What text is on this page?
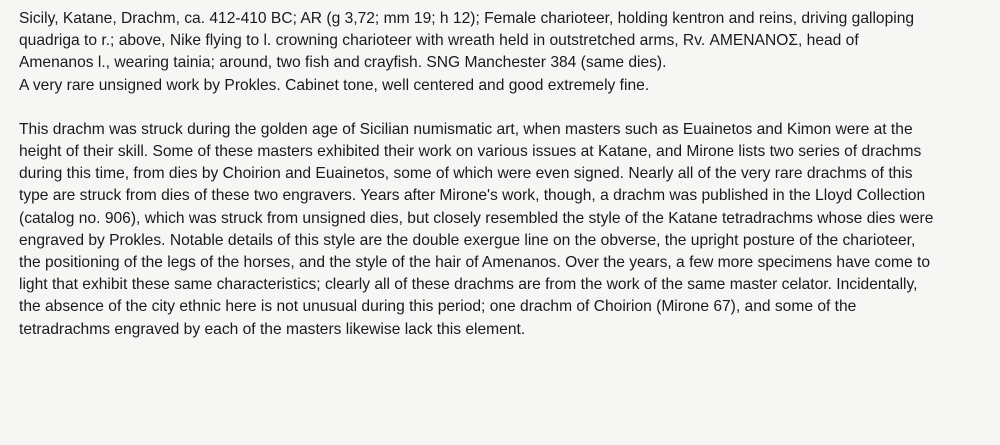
Sicily, Katane, Drachm, ca. 412-410 BC; AR (g 3,72; mm 19; h 12); Female charioteer, holding kentron and reins, driving galloping
quadriga to r.; above, Nike flying to l. crowning charioteer with wreath held in outstretched arms, Rv. ΑΜΕΝΑΝΟΣ, head of
Amenanos l., wearing tainia; around, two fish and crayfish. SNG Manchester 384 (same dies).
A very rare unsigned work by Prokles. Cabinet tone, well centered and good extremely fine.

This drachm was struck during the golden age of Sicilian numismatic art, when masters such as Euainetos and Kimon were at the
height of their skill. Some of these masters exhibited their work on various issues at Katane, and Mirone lists two series of drachms
during this time, from dies by Choirion and Euainetos, some of which were even signed. Nearly all of the very rare drachms of this
type are struck from dies of these two engravers. Years after Mirone's work, though, a drachm was published in the Lloyd Collection
(catalog no. 906), which was struck from unsigned dies, but closely resembled the style of the Katane tetradrachms whose dies were
engraved by Prokles. Notable details of this style are the double exergue line on the obverse, the upright posture of the charioteer,
the positioning of the legs of the horses, and the style of the hair of Amenanos. Over the years, a few more specimens have come to
light that exhibit these same characteristics; clearly all of these drachms are from the work of the same master celator. Incidentally,
the absence of the city ethnic here is not unusual during this period; one drachm of Choirion (Mirone 67), and some of the
tetradrachms engraved by each of the masters likewise lack this element.
